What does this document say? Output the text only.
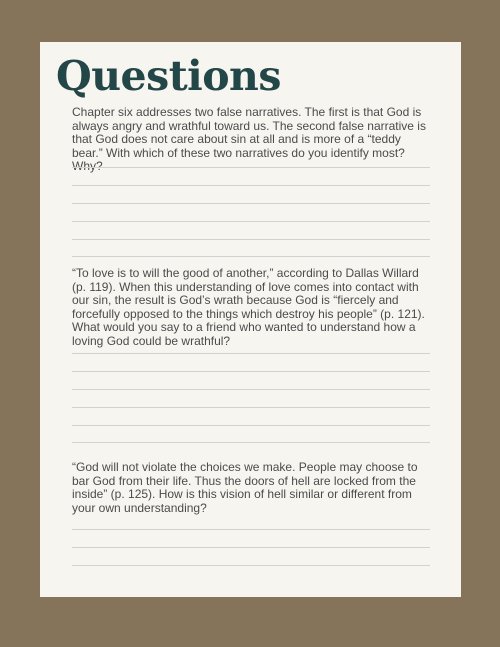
Questions

Chapter six addresses two false narratives. The first is that God is always angry and wrathful toward us. The second false narrative is that God does not care about sin at all and is more of a “teddy bear.” With which of these two narratives do you identify most? Why?

“To love is to will the good of another,” according to Dallas Willard (p. 119). When this understanding of love comes into contact with our sin, the result is God’s wrath because God is “fiercely and forcefully opposed to the things which destroy his people” (p. 121). What would you say to a friend who wanted to understand how a loving God could be wrathful?

“God will not violate the choices we make. People may choose to bar God from their life. Thus the doors of hell are locked from the inside” (p. 125). How is this vision of hell similar or different from your own understanding?
